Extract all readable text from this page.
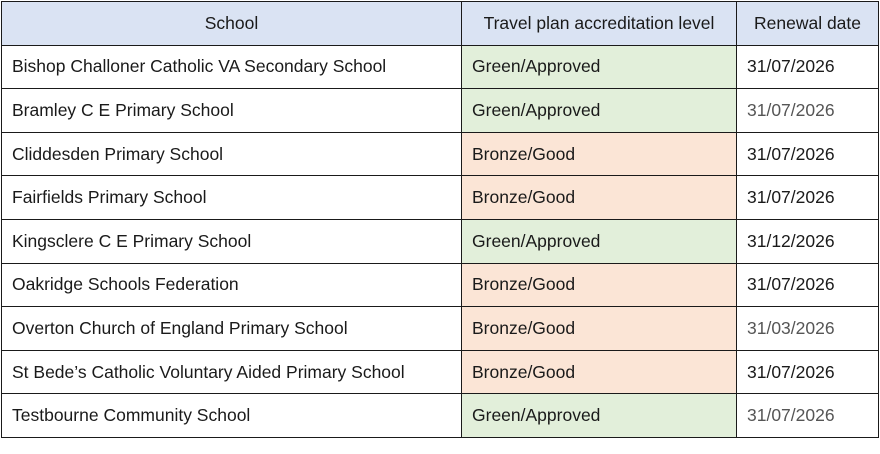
School	Travel plan accreditation level	Renewal date
Bishop Challoner Catholic VA Secondary School	Green/Approved	31/07/2026
Bramley C E Primary School	Green/Approved	31/07/2026
Cliddesden Primary School	Bronze/Good	31/07/2026
Fairfields Primary School	Bronze/Good	31/07/2026
Kingsclere C E Primary School	Green/Approved	31/12/2026
Oakridge Schools Federation	Bronze/Good	31/07/2026
Overton Church of England Primary School	Bronze/Good	31/03/2026
St Bede’s Catholic Voluntary Aided Primary School	Bronze/Good	31/07/2026
Testbourne Community School	Green/Approved	31/07/2026
